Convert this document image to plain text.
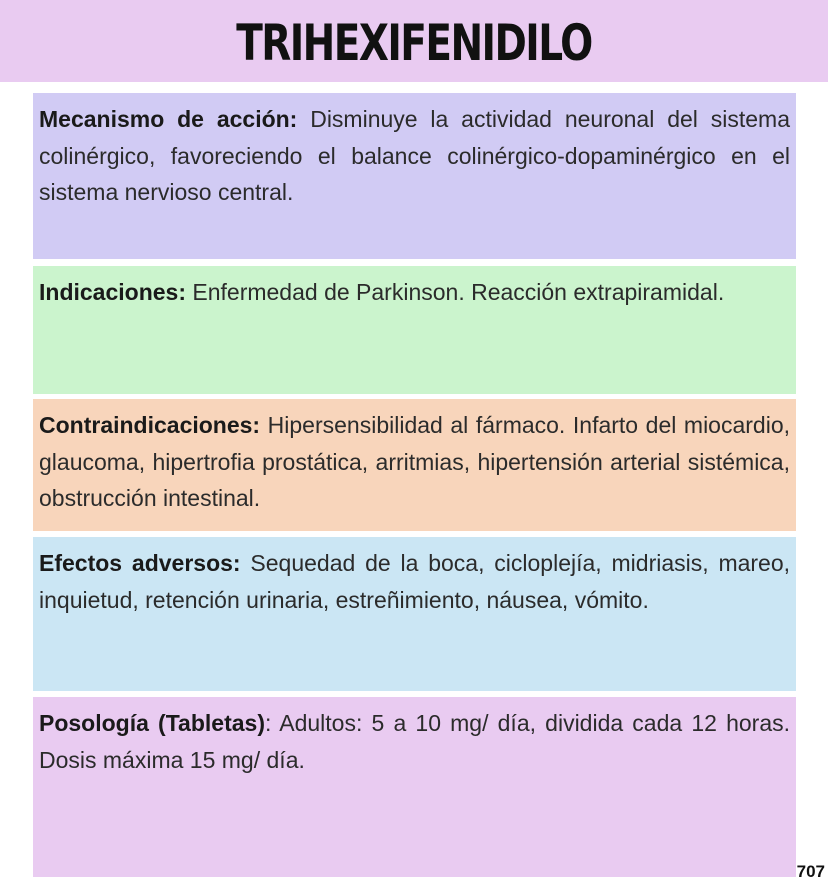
TRIHEXIFENIDILO
Mecanismo de acción: Disminuye la actividad neuronal del sistema colinérgico, favoreciendo el balance colinérgico-dopaminérgico en el sistema nervioso central.
Indicaciones: Enfermedad de Parkinson. Reacción extrapiramidal.
Contraindicaciones: Hipersensibilidad al fármaco. Infarto del miocardio, glaucoma, hipertrofia prostática, arritmias, hipertensión arterial sistémica, obstrucción intestinal.
Efectos adversos: Sequedad de la boca, cicloplejía, midriasis, mareo, inquietud, retención urinaria, estreñimiento, náusea, vómito.
Posología (Tabletas): Adultos: 5 a 10 mg/ día, dividida cada 12 horas. Dosis máxima 15 mg/ día.
707
